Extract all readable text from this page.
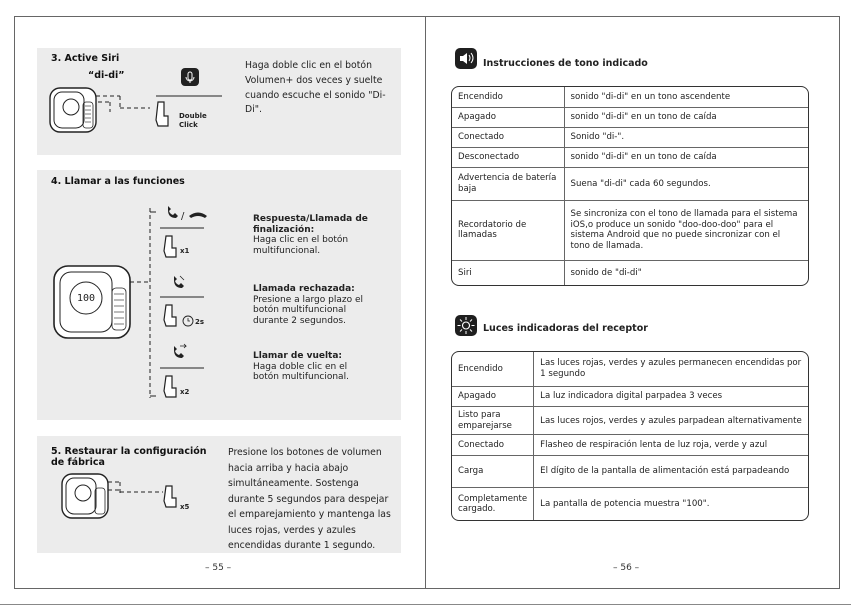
3. Active Siri
“di-di”
Double Click
Haga doble clic en el botón Volumen+ dos veces y suelte cuando escuche el sonido "Di-Di".
4. Llamar a las funciones
100
/
x1
2s
x2
Respuesta/Llamada de finalización:
Haga clic en el botón multifuncional.
Llamada rechazada:
Presione a largo plazo el botón multifuncional durante 2 segundos.
Llamar de vuelta:
Haga doble clic en el botón multifuncional.
5. Restaurar la configuración de fábrica
x5
Presione los botones de volumen hacia arriba y hacia abajo simultáneamente. Sostenga durante 5 segundos para despejar el emparejamiento y mantenga las luces rojas, verdes y azules encendidas durante 1 segundo.
– 55 –
Instrucciones de tono indicado
Encendido	sonido "di-di" en un tono ascendente
Apagado	sonido "di-di" en un tono de caída
Conectado	Sonido "di-".
Desconectado	sonido "di-di" en un tono de caída
Advertencia de batería baja	Suena "di-di" cada 60 segundos.
Recordatorio de llamadas	Se sincroniza con el tono de llamada para el sistema iOS,o produce un sonido "doo-doo-doo" para el sistema Android que no puede sincronizar con el tono de llamada.
Siri	sonido de "di-di"
Luces indicadoras del receptor
Encendido	Las luces rojas, verdes y azules permanecen encendidas por 1 segundo
Apagado	La luz indicadora digital parpadea 3 veces
Listo para emparejarse	Las luces rojos, verdes y azules parpadean alternativamente
Conectado	Flasheo de respiración lenta de luz roja, verde y azul
Carga	El dígito de la pantalla de alimentación está parpadeando
Completamente cargado.	La pantalla de potencia muestra "100".
– 56 –
